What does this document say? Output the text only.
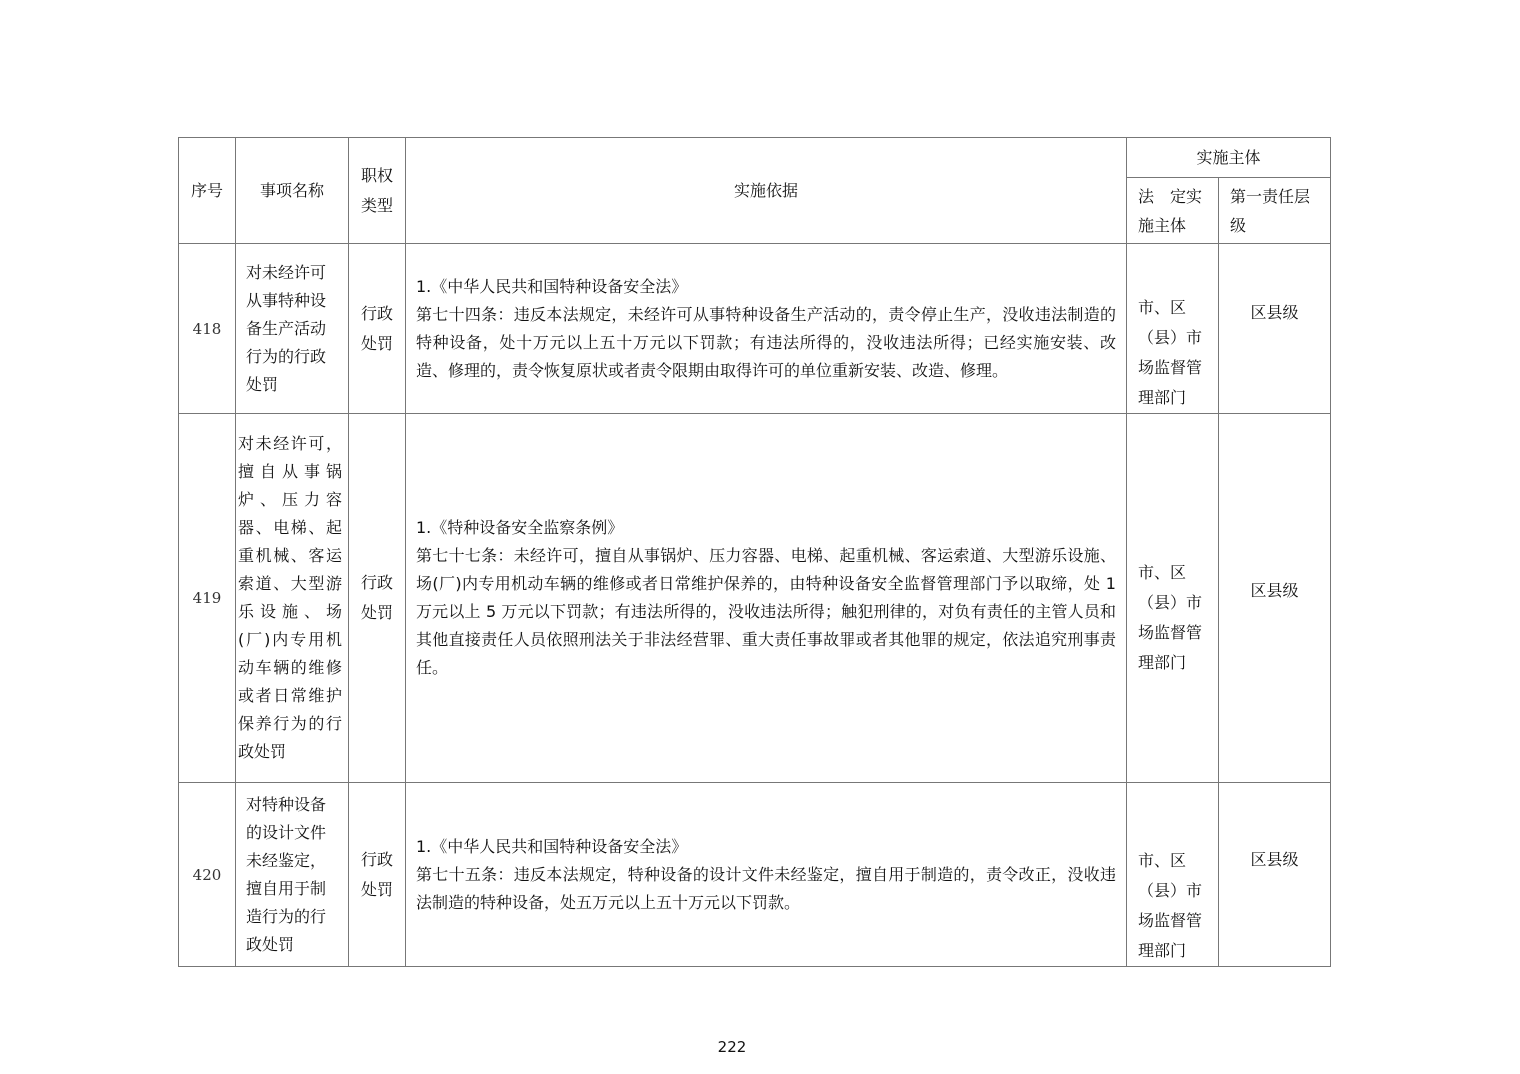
序号	事项名称	职权类型	实施依据	实施主体	

				法　定实施主体	第一责任层级

418	对未经许可从事特种设备生产活动行为的行政处罚	行政处罚	1.《中华人民共和国特种设备安全法》
第七十四条：违反本法规定，未经许可从事特种设备生产活动的，责令停止生产，没收违法制造的特种设备，处十万元以上五十万元以下罚款；有违法所得的，没收违法所得；已经实施安装、改造、修理的，责令恢复原状或者责令限期由取得许可的单位重新安装、改造、修理。	市、区（县）市场监督管理部门	区县级

419	对未经许可，擅自从事锅炉、压力容器、电梯、起重机械、客运索道、大型游乐设施、场(厂)内专用机动车辆的维修或者日常维护保养行为的行政处罚	行政处罚	1.《特种设备安全监察条例》
第七十七条：未经许可，擅自从事锅炉、压力容器、电梯、起重机械、客运索道、大型游乐设施、场(厂)内专用机动车辆的维修或者日常维护保养的，由特种设备安全监督管理部门予以取缔，处 1 万元以上 5 万元以下罚款；有违法所得的，没收违法所得；触犯刑律的，对负有责任的主管人员和其他直接责任人员依照刑法关于非法经营罪、重大责任事故罪或者其他罪的规定，依法追究刑事责任。	市、区（县）市场监督管理部门	区县级

420	对特种设备的设计文件未经鉴定，擅自用于制造行为的行政处罚	行政处罚	1.《中华人民共和国特种设备安全法》
第七十五条：违反本法规定，特种设备的设计文件未经鉴定，擅自用于制造的，责令改正，没收违法制造的特种设备，处五万元以上五十万元以下罚款。	市、区（县）市场监督管理部门	区县级
222
